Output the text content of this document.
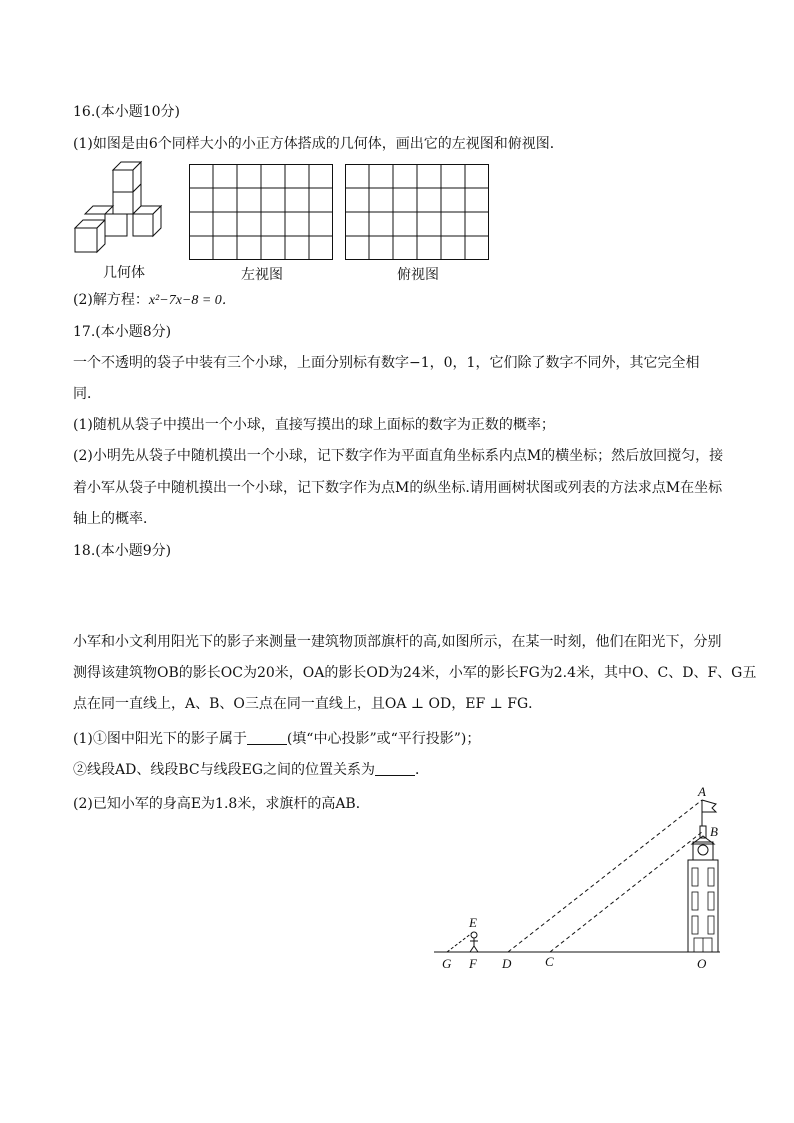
16.(本小题10分)
(1)如图是由6个同样大小的小正方体搭成的几何体，画出它的左视图和俯视图．
几何体	左视图	俯视图
(2)解方程：x²−7x−8 = 0．
17.(本小题8分)
一个不透明的袋子中装有三个小球，上面分别标有数字−1，0，1，它们除了数字不同外，其它完全相
同．
(1)随机从袋子中摸出一个小球，直接写摸出的球上面标的数字为正数的概率；
(2)小明先从袋子中随机摸出一个小球，记下数字作为平面直角坐标系内点M的横坐标；然后放回搅匀，接
着小军从袋子中随机摸出一个小球，记下数字作为点M的纵坐标.请用画树状图或列表的方法求点M在坐标
轴上的概率．
18.(本小题9分)
小军和小文利用阳光下的影子来测量一建筑物顶部旗杆的高,如图所示，在某一时刻，他们在阳光下，分别
测得该建筑物OB的影长OC为20米，OA的影长OD为24米，小军的影长FG为2.4米，其中O、C、D、F、G五
点在同一直线上，A、B、O三点在同一直线上，且OA ⊥ OD，EF ⊥ FG．
(1)①图中阳光下的影子属于	(填“中心投影”或“平行投影”)；
②线段AD、线段BC与线段EG之间的位置关系为	．
(2)已知小军的身高E为1.8米，求旗杆的高AB．
A
B
E
G F D	C	O
